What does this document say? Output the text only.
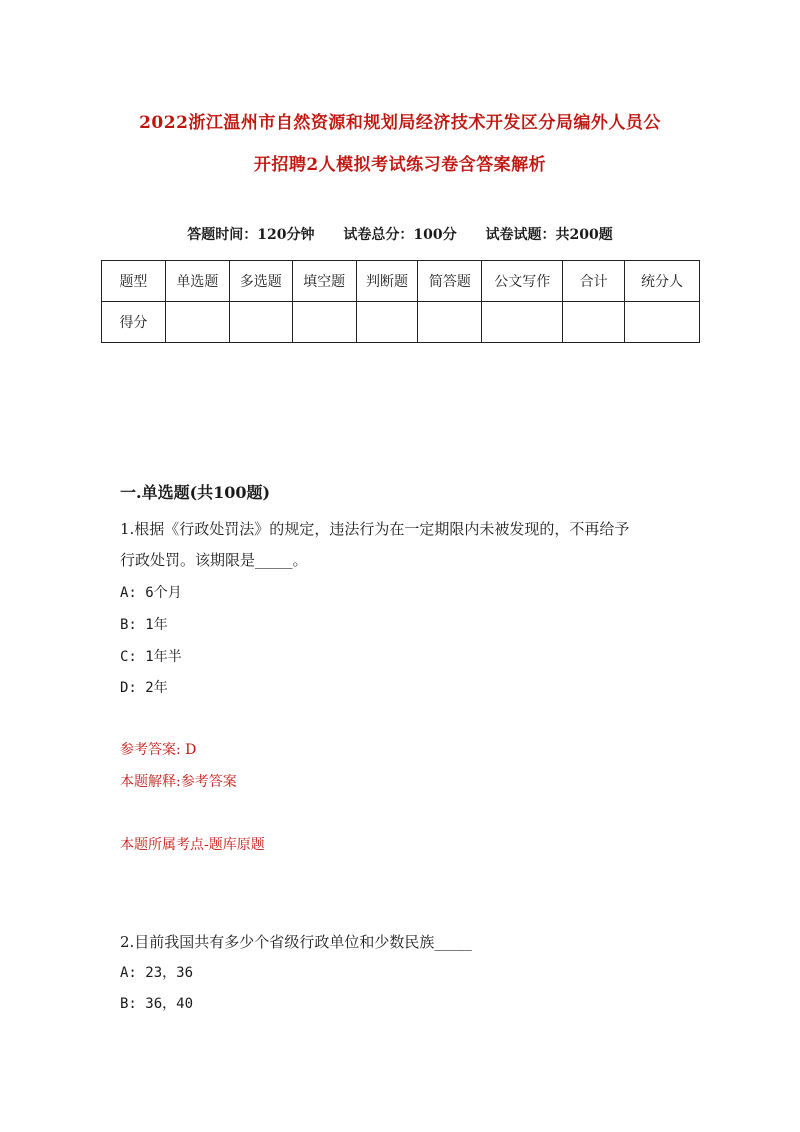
2022浙江温州市自然资源和规划局经济技术开发区分局编外人员公
开招聘2人模拟考试练习卷含答案解析
答题时间：120分钟 试卷总分：100分 试卷试题：共200题
题型	单选题	多选题	填空题	判断题	简答题	公文写作	合计	统分人
得分								
一.单选题(共100题)
1.根据《行政处罚法》的规定，违法行为在一定期限内未被发现的，不再给予
行政处罚。该期限是_____。
A: 6个月
B: 1年
C: 1年半
D: 2年
参考答案: D
本题解释:参考答案
本题所属考点-题库原题
2.目前我国共有多少个省级行政单位和少数民族_____
A: 23，36
B: 36，40
